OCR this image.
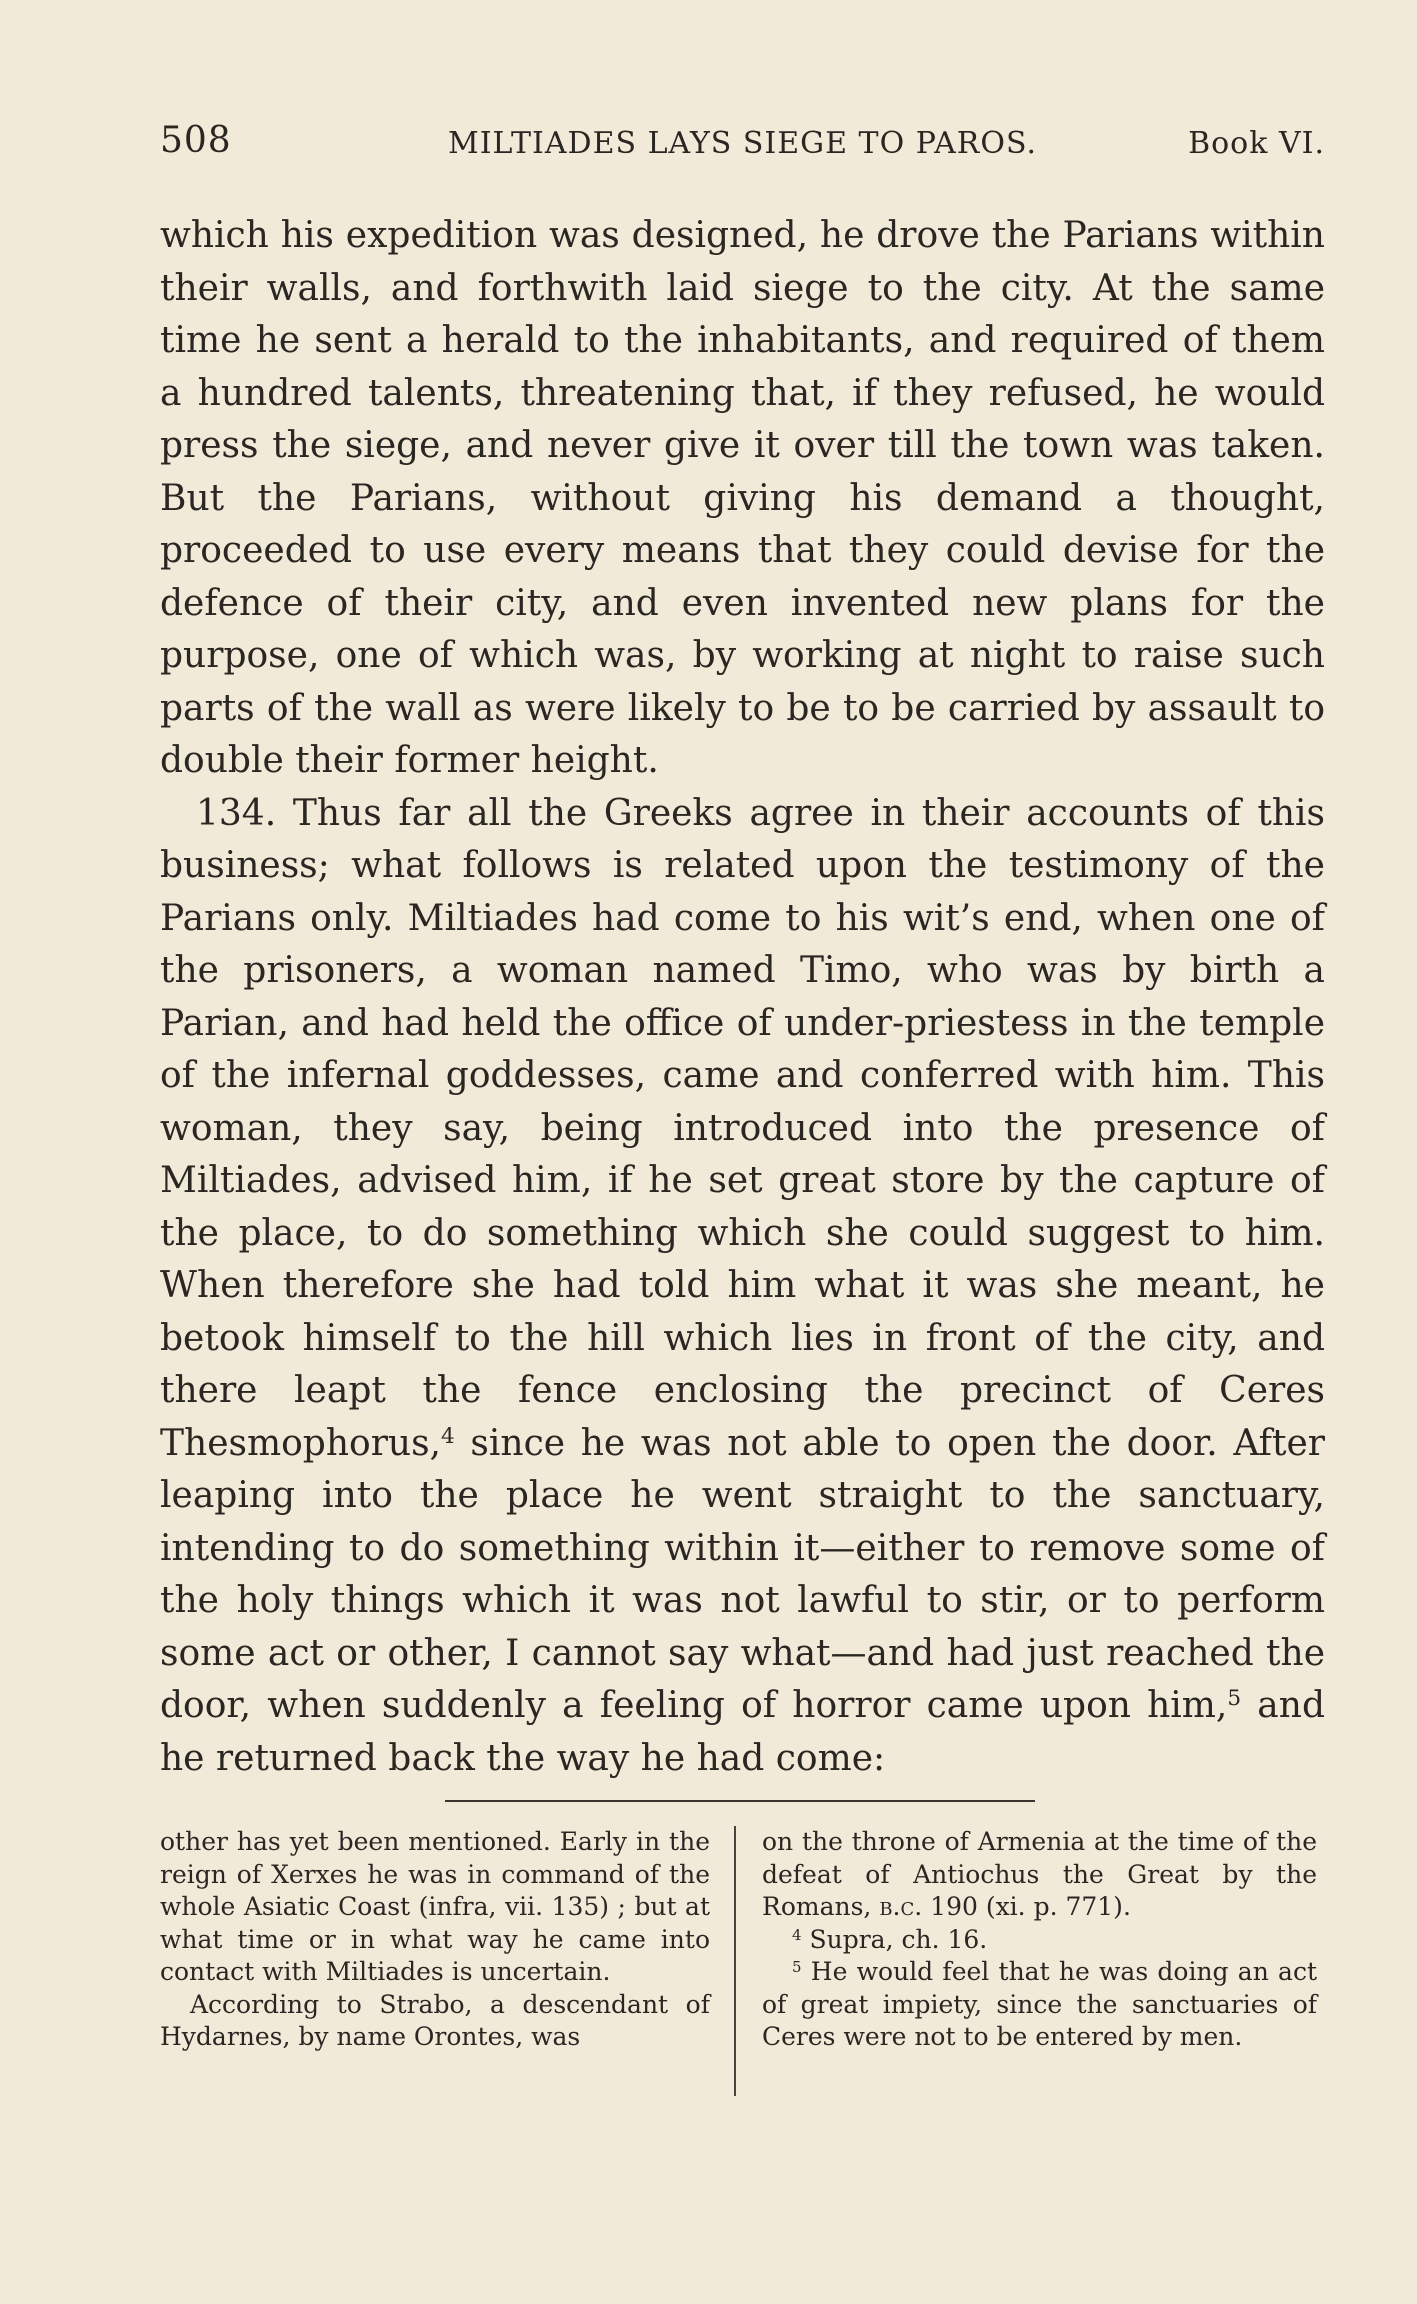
508	MILTIADES LAYS SIEGE TO PAROS.	Book VI.

which his expedition was designed, he drove the Parians within their walls, and forthwith laid siege to the city. At the same time he sent a herald to the inhabitants, and required of them a hundred talents, threatening that, if they refused, he would press the siege, and never give it over till the town was taken. But the Parians, without giving his demand a thought, proceeded to use every means that they could devise for the defence of their city, and even invented new plans for the purpose, one of which was, by working at night to raise such parts of the wall as were likely to be to be carried by assault to double their former height.

134. Thus far all the Greeks agree in their accounts of this business; what follows is related upon the testimony of the Parians only. Miltiades had come to his wit’s end, when one of the prisoners, a woman named Timo, who was by birth a Parian, and had held the office of under-priestess in the temple of the infernal goddesses, came and conferred with him. This woman, they say, being introduced into the presence of Miltiades, advised him, if he set great store by the capture of the place, to do something which she could suggest to him. When therefore she had told him what it was she meant, he betook himself to the hill which lies in front of the city, and there leapt the fence enclosing the precinct of Ceres Thesmophorus,$^4$ since he was not able to open the door. After leaping into the place he went straight to the sanctuary, intending to do something within it—either to remove some of the holy things which it was not lawful to stir, or to perform some act or other, I cannot say what—and had just reached the door, when suddenly a feeling of horror came upon him,$^5$ and he returned back the way he had come:

other has yet been mentioned. Early in the reign of Xerxes he was in command of the whole Asiatic Coast (infra, vii. 135) ; but at what time or in what way he came into contact with Miltiades is uncertain.

According to Strabo, a descendant of Hydarnes, by name Orontes, was

on the throne of Armenia at the time of the defeat of Antiochus the Great by the Romans, b.c. 190 (xi. p. 771).

$^4$ Supra, ch. 16.

$^5$ He would feel that he was doing an act of great impiety, since the sanctuaries of Ceres were not to be entered by men.
